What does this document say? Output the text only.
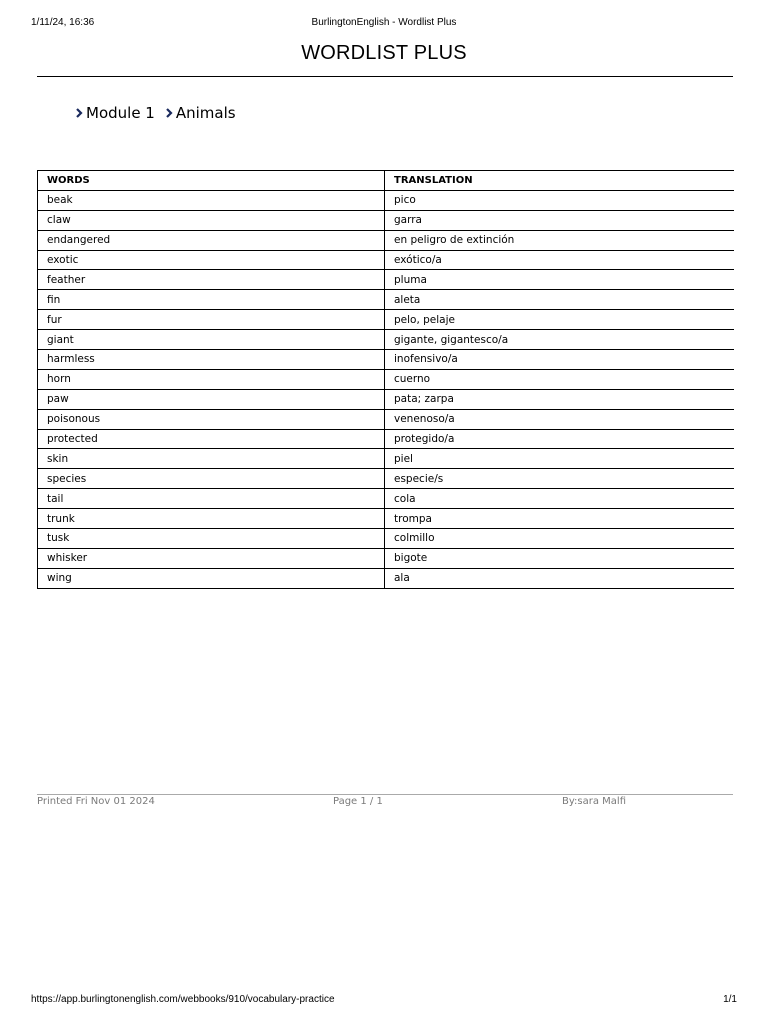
1/11/24, 16:36	BurlingtonEnglish - Wordlist Plus
WORDLIST PLUS
Module 1 Animals
WORDS	TRANSLATION
beak	pico
claw	garra
endangered	en peligro de extinción
exotic	exótico/a
feather	pluma
fin	aleta
fur	pelo, pelaje
giant	gigante, gigantesco/a
harmless	inofensivo/a
horn	cuerno
paw	pata; zarpa
poisonous	venenoso/a
protected	protegido/a
skin	piel
species	especie/s
tail	cola
trunk	trompa
tusk	colmillo
whisker	bigote
wing	ala
Printed Fri Nov 01 2024	Page 1 / 1	By:sara Malfi
https://app.burlingtonenglish.com/webbooks/910/vocabulary-practice	1/1
